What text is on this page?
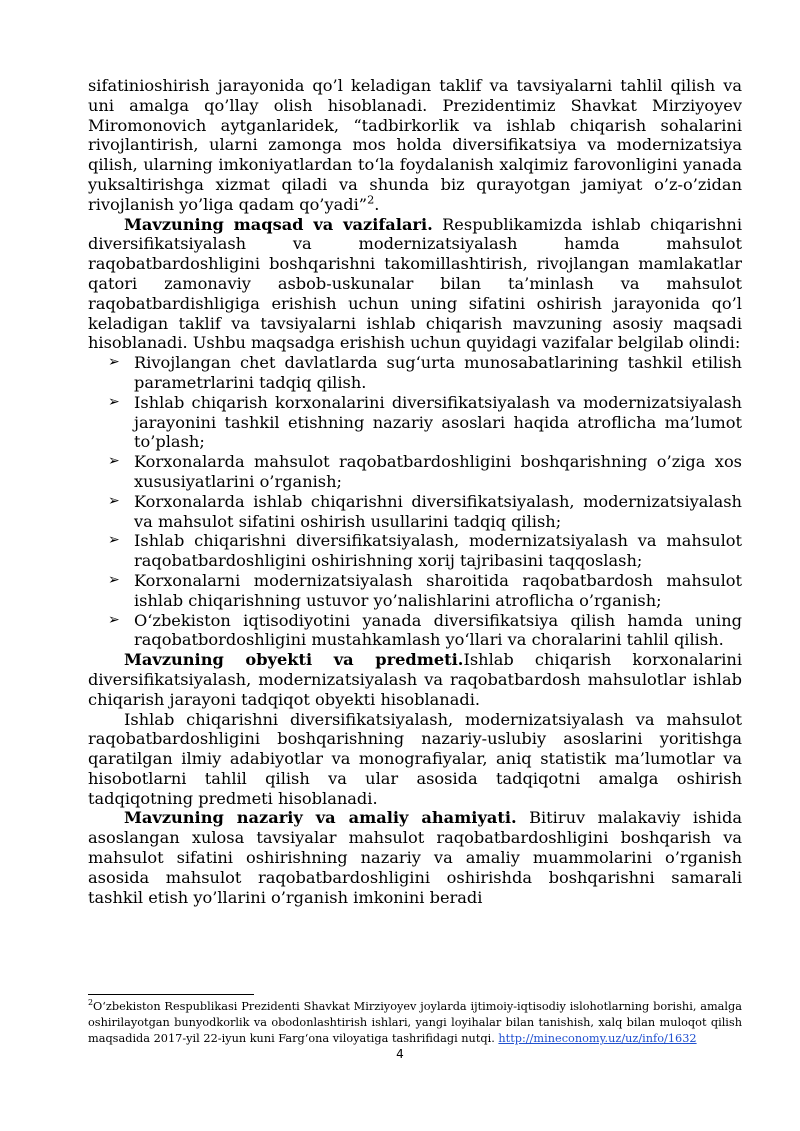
sifatinioshirish jarayonida qo’l keladigan taklif va tavsiyalarni tahlil qilish va uni amalga qo’llay olish hisoblanadi. Prezidentimiz Shavkat Mirziyoyev Miromonovich aytganlaridek, “tadbirkorlik va ishlab chiqarish sohalarini rivojlantirish, ularni zamonga mos holda diversifikatsiya va modernizatsiya qilish, ularning imkoniyatlardan to‘la foydalanish xalqimiz farovonligini yanada yuksaltirishga xizmat qiladi va shunda biz qurayotgan jamiyat o’z-o’zidan rivojlanish yo’liga qadam qo’yadi”$^2$.

Mavzuning maqsad va vazifalari. Respublikamizda ishlab chiqarishni diversifikatsiyalash va modernizatsiyalash hamda mahsulot raqobatbardoshligini boshqarishni takomillashtirish, rivojlangan mamlakatlar qatori zamonaviy asbob-uskunalar bilan ta’minlash va mahsulot raqobatbardishligiga erishish uchun uning sifatini oshirish jarayonida qo’l keladigan taklif va tavsiyalarni ishlab chiqarish mavzuning asosiy maqsadi hisoblanadi. Ushbu maqsadga erishish uchun quyidagi vazifalar belgilab olindi:

➢ Rivojlangan chet davlatlarda sug‘urta munosabatlarining tashkil etilish parametrlarini tadqiq qilish.
➢ Ishlab chiqarish korxonalarini diversifikatsiyalash va modernizatsiyalash jarayonini tashkil etishning nazariy asoslari haqida atroflicha ma’lumot to’plash;
➢ Korxonalarda mahsulot raqobatbardoshligini boshqarishning o’ziga xos xususiyatlarini o’rganish;
➢ Korxonalarda ishlab chiqarishni diversifikatsiyalash, modernizatsiyalash va mahsulot sifatini oshirish usullarini tadqiq qilish;
➢ Ishlab chiqarishni diversifikatsiyalash, modernizatsiyalash va mahsulot raqobatbardoshligini oshirishning xorij tajribasini taqqoslash;
➢ Korxonalarni modernizatsiyalash sharoitida raqobatbardosh mahsulot ishlab chiqarishning ustuvor yo’nalishlarini atroflicha o’rganish;
➢ O‘zbekiston iqtisodiyotini yanada diversifikatsiya qilish hamda uning raqobatbordoshligini mustahkamlash yo‘llari va choralarini tahlil qilish.

Mavzuning obyekti va predmeti.Ishlab chiqarish korxonalarini diversifikatsiyalash, modernizatsiyalash va raqobatbardosh mahsulotlar ishlab chiqarish jarayoni tadqiqot obyekti hisoblanadi.

Ishlab chiqarishni diversifikatsiyalash, modernizatsiyalash va mahsulot raqobatbardoshligini boshqarishning nazariy-uslubiy asoslarini yoritishga qaratilgan ilmiy adabiyotlar va monografiyalar, aniq statistik ma’lumotlar va hisobotlarni tahlil qilish va ular asosida tadqiqotni amalga oshirish tadqiqotning predmeti hisoblanadi.

Mavzuning nazariy va amaliy ahamiyati. Bitiruv malakaviy ishida asoslangan xulosa tavsiyalar mahsulot raqobatbardoshligini boshqarish va mahsulot sifatini oshirishning nazariy va amaliy muammolarini o’rganish asosida mahsulot raqobatbardoshligini oshirishda boshqarishni samarali tashkil etish yo’llarini o’rganish imkonini beradi

$^2$O‘zbekiston Respublikasi Prezidenti Shavkat Mirziyoyev joylarda ijtimoiy-iqtisodiy islohotlarning borishi, amalga oshirilayotgan bunyodkorlik va obodonlashtirish ishlari, yangi loyihalar bilan tanishish, xalq bilan muloqot qilish maqsadida 2017-yil 22-iyun kuni Farg‘ona viloyatiga tashrifidagi nutqi. http://mineconomy.uz/uz/info/1632
4
